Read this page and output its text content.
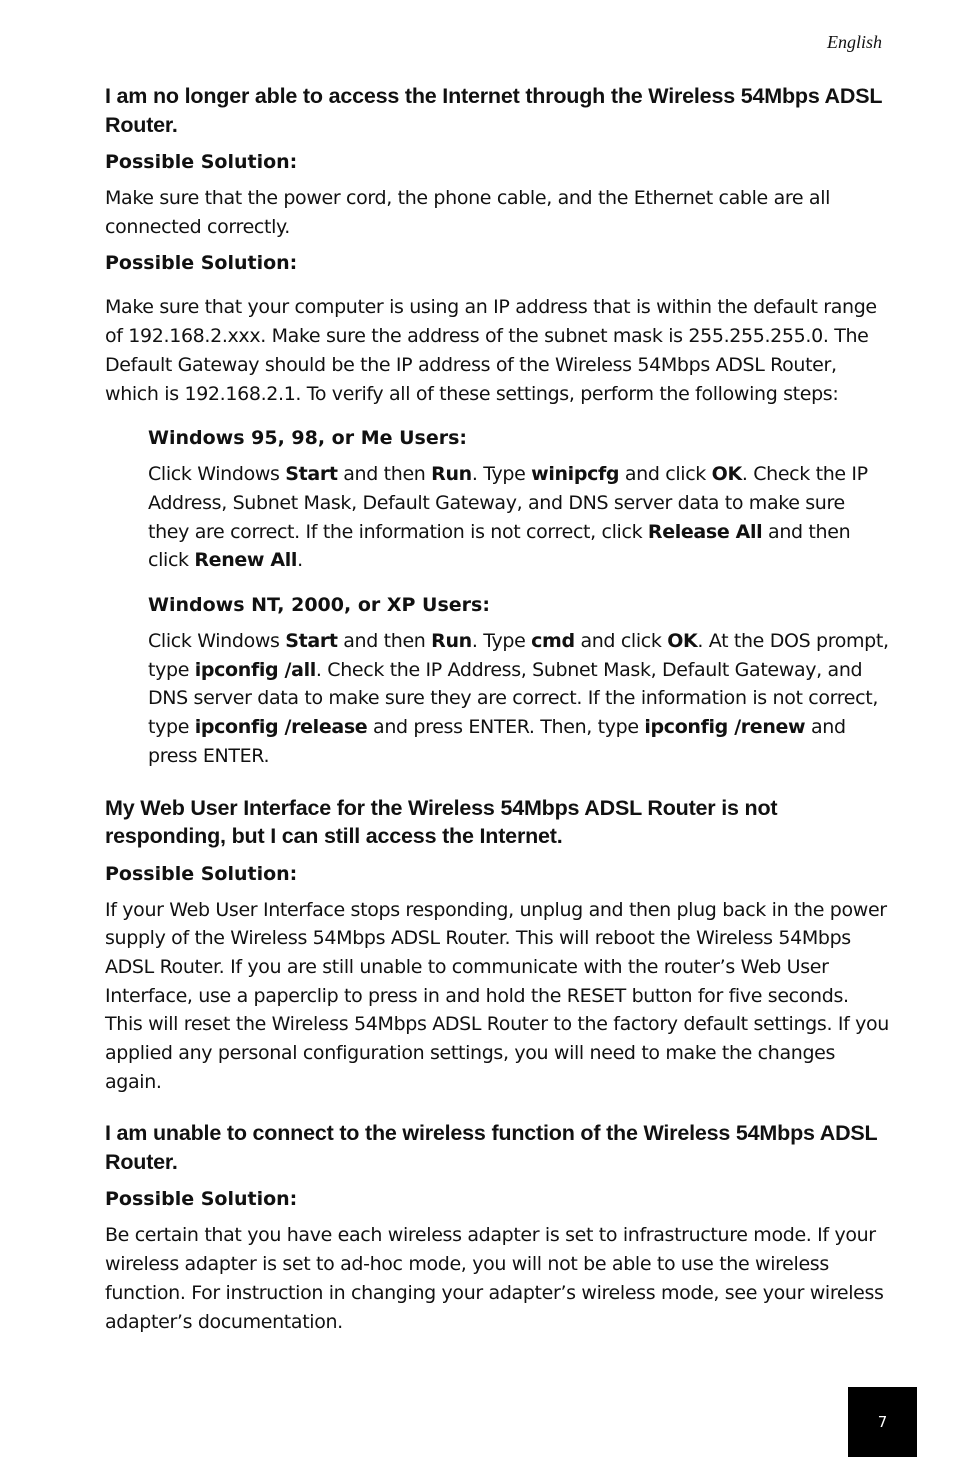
English
I am no longer able to access the Internet through the Wireless 54Mbps ADSL Router.
Possible Solution:

Make sure that the power cord, the phone cable, and the Ethernet cable are all connected correctly.

Possible Solution:

Make sure that your computer is using an IP address that is within the default range of 192.168.2.xxx. Make sure the address of the subnet mask is 255.255.255.0. The Default Gateway should be the IP address of the Wireless 54Mbps ADSL Router, which is 192.168.2.1. To verify all of these settings, perform the following steps:

Windows 95, 98, or Me Users:

Click Windows Start and then Run. Type winipcfg and click OK. Check the IP Address, Subnet Mask, Default Gateway, and DNS server data to make sure they are correct. If the information is not correct, click Release All and then click Renew All.

Windows NT, 2000, or XP Users:

Click Windows Start and then Run. Type cmd and click OK. At the DOS prompt, type ipconfig /all. Check the IP Address, Subnet Mask, Default Gateway, and DNS server data to make sure they are correct. If the information is not correct, type ipconfig /release and press ENTER. Then, type ipconfig /renew and press ENTER.

My Web User Interface for the Wireless 54Mbps ADSL Router is not responding, but I can still access the Internet.
Possible Solution:

If your Web User Interface stops responding, unplug and then plug back in the power supply of the Wireless 54Mbps ADSL Router. This will reboot the Wireless 54Mbps ADSL Router. If you are still unable to communicate with the router’s Web User Interface, use a paperclip to press in and hold the RESET button for five seconds. This will reset the Wireless 54Mbps ADSL Router to the factory default settings. If you applied any personal configuration settings, you will need to make the changes again.

I am unable to connect to the wireless function of the Wireless 54Mbps ADSL Router.
Possible Solution:

Be certain that you have each wireless adapter is set to infrastructure mode. If your wireless adapter is set to ad-hoc mode, you will not be able to use the wireless function. For instruction in changing your adapter’s wireless mode, see your wireless adapter’s documentation.

7
